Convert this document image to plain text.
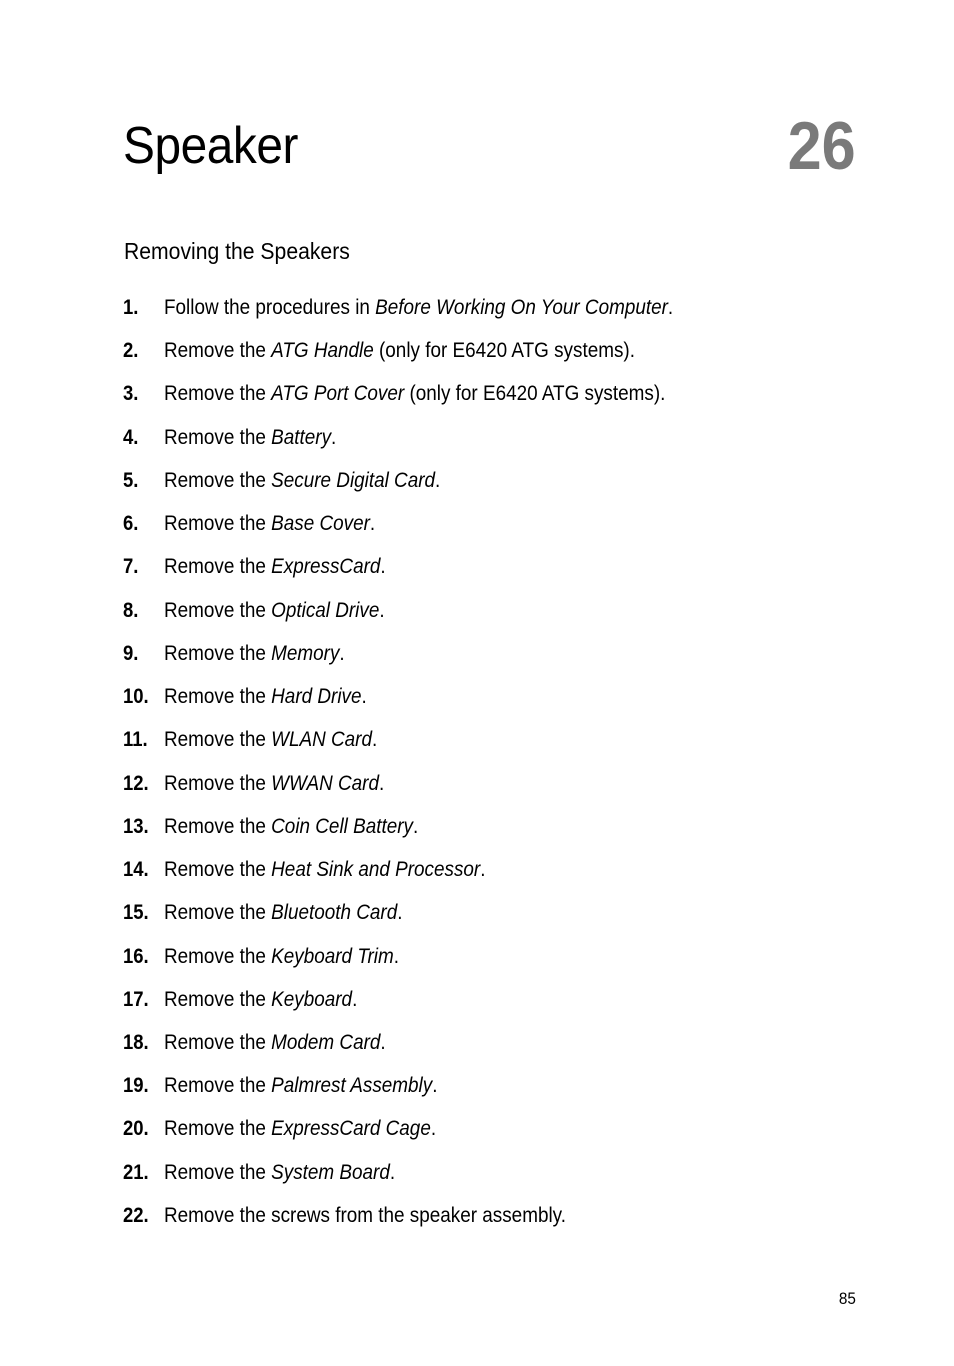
Speaker	26
Removing the Speakers
1. Follow the procedures in Before Working On Your Computer.
2. Remove the ATG Handle (only for E6420 ATG systems).
3. Remove the ATG Port Cover (only for E6420 ATG systems).
4. Remove the Battery.
5. Remove the Secure Digital Card.
6. Remove the Base Cover.
7. Remove the ExpressCard.
8. Remove the Optical Drive.
9. Remove the Memory.
10. Remove the Hard Drive.
11. Remove the WLAN Card.
12. Remove the WWAN Card.
13. Remove the Coin Cell Battery.
14. Remove the Heat Sink and Processor.
15. Remove the Bluetooth Card.
16. Remove the Keyboard Trim.
17. Remove the Keyboard.
18. Remove the Modem Card.
19. Remove the Palmrest Assembly.
20. Remove the ExpressCard Cage.
21. Remove the System Board.
22. Remove the screws from the speaker assembly.
85
